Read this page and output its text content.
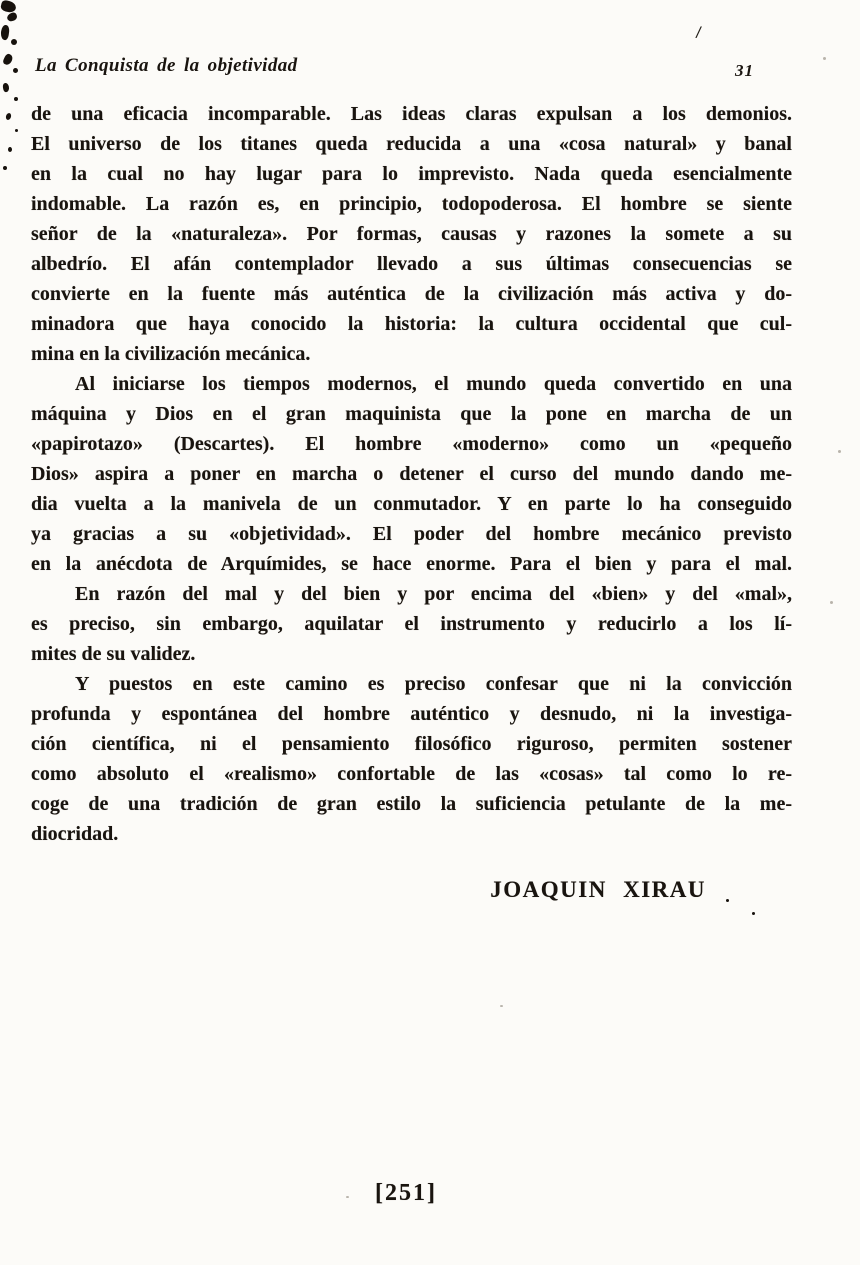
La Conquista de la objetividad	31
de una eficacia incomparable. Las ideas claras expulsan a los demonios.
El universo de los titanes queda reducida a una «cosa natural» y banal
en la cual no hay lugar para lo imprevisto. Nada queda esencialmente
indomable. La razón es, en principio, todopoderosa. El hombre se siente
señor de la «naturaleza». Por formas, causas y razones la somete a su
albedrío. El afán contemplador llevado a sus últimas consecuencias se
convierte en la fuente más auténtica de la civilización más activa y do-
minadora que haya conocido la historia: la cultura occidental que cul-
mina en la civilización mecánica.
Al iniciarse los tiempos modernos, el mundo queda convertido en una
máquina y Dios en el gran maquinista que la pone en marcha de un
«papirotazo» (Descartes). El hombre «moderno» como un «pequeño
Dios» aspira a poner en marcha o detener el curso del mundo dando me-
dia vuelta a la manivela de un conmutador. Y en parte lo ha conseguido
ya gracias a su «objetividad». El poder del hombre mecánico previsto
en la anécdota de Arquímides, se hace enorme. Para el bien y para el mal.
En razón del mal y del bien y por encima del «bien» y del «mal»,
es preciso, sin embargo, aquilatar el instrumento y reducirlo a los lí-
mites de su validez.
Y puestos en este camino es preciso confesar que ni la convicción
profunda y espontánea del hombre auténtico y desnudo, ni la investiga-
ción científica, ni el pensamiento filosófico riguroso, permiten sostener
como absoluto el «realismo» confortable de las «cosas» tal como lo re-
coge de una tradición de gran estilo la suficiencia petulante de la me-
diocridad.
JOAQUIN XIRAU
[251]
/
